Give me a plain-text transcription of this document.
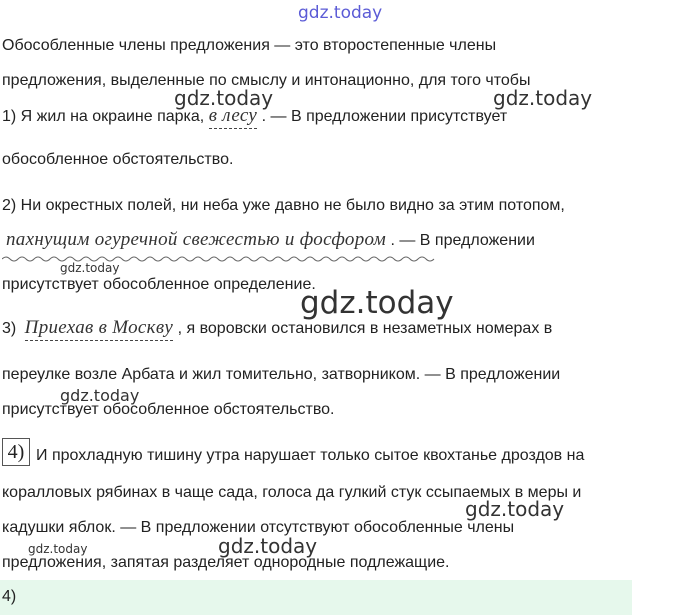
gdz.today
gdz.today	gdz.today
gdz.today
gdz.today
gdz.today
gdz.today
gdz.today	gdz.today
Обособленные члены предложения — это второстепенные члены
предложения, выделенные по смыслу и интонационно, для того чтобы
1) Я жил на окраине парка, в лесу . — В предложении присутствует
обособленное обстоятельство.
2) Ни окрестных полей, ни неба уже давно не было видно за этим потопом,
пахнущим огуречной свежестью и фосфором . — В предложении
присутствует обособленное определение.
3) Приехав в Москву , я воровски остановился в незаметных номерах в
переулке возле Арбата и жил томительно, затворником. — В предложении
присутствует обособленное обстоятельство.
4) И прохладную тишину утра нарушает только сытое квохтанье дроздов на
коралловых рябинах в чаще сада, голоса да гулкий стук ссыпаемых в меры и
кадушки яблок. — В предложении отсутствуют обособленные члены
предложения, запятая разделяет однородные подлежащие.
4)
